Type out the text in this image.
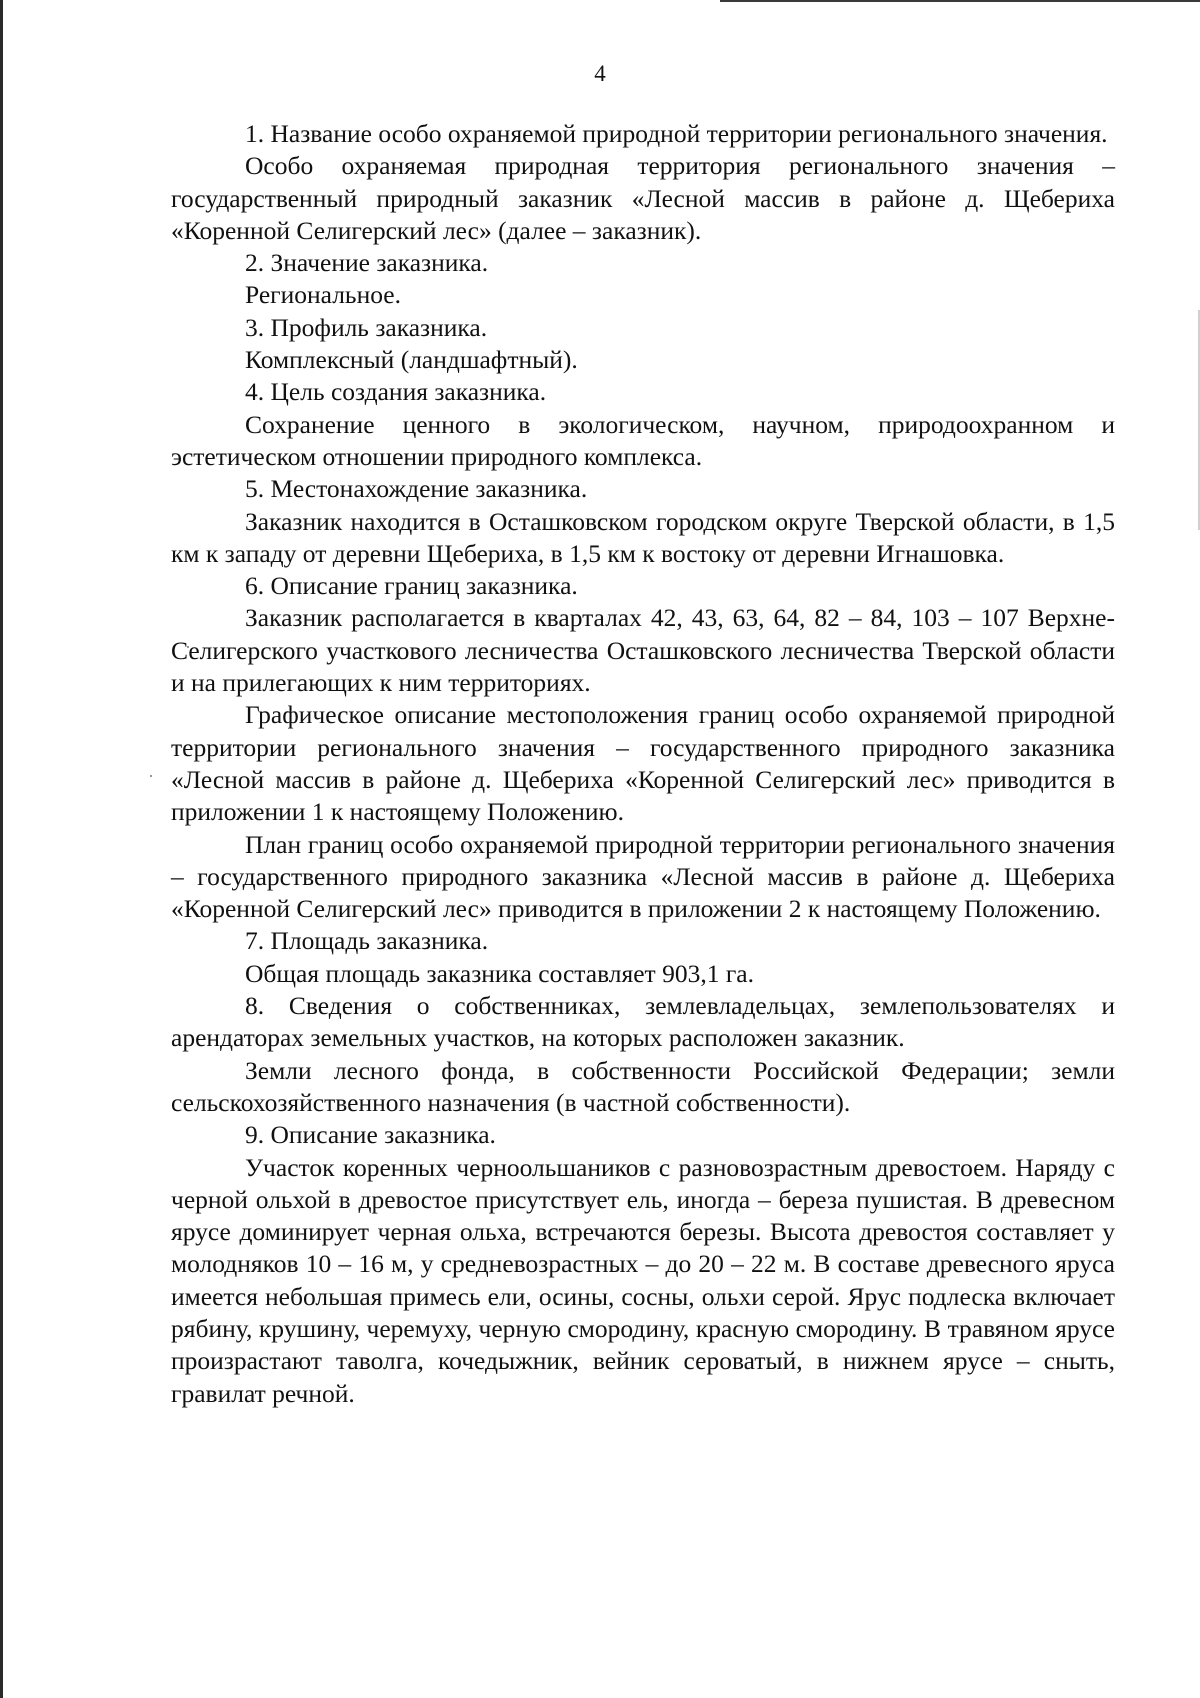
4

1. Название особо охраняемой природной территории регионального значения.

Особо охраняемая природная территория регионального значения – государственный природный заказник «Лесной массив в районе д. Щебериха «Коренной Селигерский лес» (далее – заказник).

2. Значение заказника.

Региональное.

3. Профиль заказника.

Комплексный (ландшафтный).

4. Цель создания заказника.

Сохранение ценного в экологическом, научном, природоохранном и эстетическом отношении природного комплекса.

5. Местонахождение заказника.

Заказник находится в Осташковском городском округе Тверской области, в 1,5 км к западу от деревни Щебериха, в 1,5 км к востоку от деревни Игнашовка.

6. Описание границ заказника.

Заказник располагается в кварталах 42, 43, 63, 64, 82 – 84, 103 – 107 Верхне-Селигерского участкового лесничества Осташковского лесничества Тверской области и на прилегающих к ним территориях.

Графическое описание местоположения границ особо охраняемой природной территории регионального значения – государственного природного заказника «Лесной массив в районе д. Щебериха «Коренной Селигерский лес» приводится в приложении 1 к настоящему Положению.

План границ особо охраняемой природной территории регионального значения – государственного природного заказника «Лесной массив в районе д. Щебериха «Коренной Селигерский лес» приводится в приложении 2 к настоящему Положению.

7. Площадь заказника.

Общая площадь заказника составляет 903,1 га.

8. Сведения о собственниках, землевладельцах, землепользователях и арендаторах земельных участков, на которых расположен заказник.

Земли лесного фонда, в собственности Российской Федерации; земли сельскохозяйственного назначения (в частной собственности).

9. Описание заказника.

Участок коренных черноольшаников с разновозрастным древостоем. Наряду с черной ольхой в древостое присутствует ель, иногда – береза пушистая. В древесном ярусе доминирует черная ольха, встречаются березы. Высота древостоя составляет у молодняков 10 – 16 м, у средневозрастных – до 20 – 22 м. В составе древесного яруса имеется небольшая примесь ели, осины, сосны, ольхи серой. Ярус подлеска включает рябину, крушину, черемуху, черную смородину, красную смородину. В травяном ярусе произрастают таволга, кочедыжник, вейник сероватый, в нижнем ярусе – сныть, гравилат речной.
